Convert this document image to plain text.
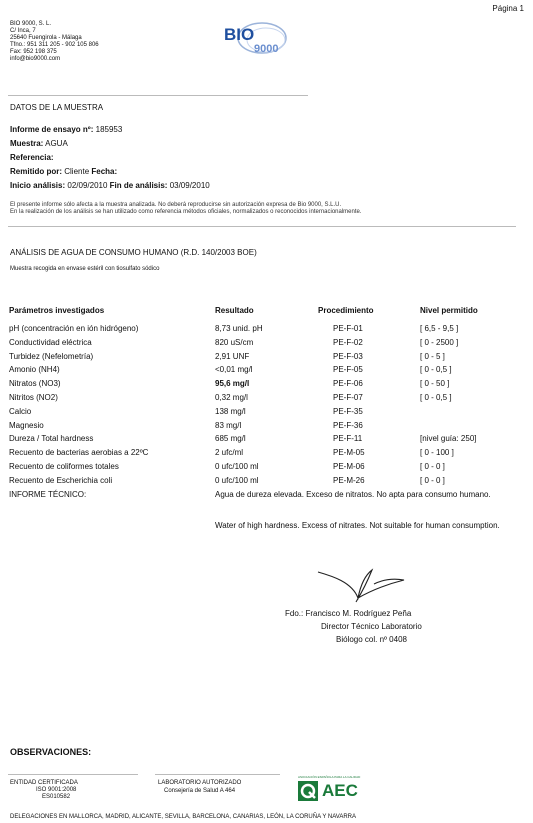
Página 1
BIO 9000, S. L.
C/ Inca, 7
25640 Fuengirola - Málaga
Tfno.: 951 311 205 - 902 105 806
Fax: 952 198 375
info@bio9000.com
BIO
9000
DATOS DE LA MUESTRA
Informe de ensayo nº: 185953
Muestra: AGUA
Referencia:
Remitido por: Cliente Fecha:
Inicio análisis: 02/09/2010 Fin de análisis: 03/09/2010
El presente informe sólo afecta a la muestra analizada. No deberá reproducirse sin autorización expresa de Bio 9000, S.L.U.
En la realización de los análisis se han utilizado como referencia métodos oficiales, normalizados o reconocidos internacionalmente.
ANÁLISIS DE AGUA DE CONSUMO HUMANO (R.D. 140/2003 BOE)
Muestra recogida en envase estéril con tiosulfato sódico
Parámetros investigados	Resultado	Procedimiento	Nivel permitido
pH (concentración en ión hidrógeno)	8,73 unid. pH	PE-F-01	[ 6,5 - 9,5 ]
Conductividad eléctrica	820 uS/cm	PE-F-02	[ 0 - 2500 ]
Turbidez (Nefelometría)	2,91 UNF	PE-F-03	[ 0 - 5 ]
Amonio (NH4)	<0,01 mg/l	PE-F-05	[ 0 - 0,5 ]
Nitratos (NO3)	95,6 mg/l	PE-F-06	[ 0 - 50 ]
Nitritos (NO2)	0,32 mg/l	PE-F-07	[ 0 - 0,5 ]
Calcio	138 mg/l	PE-F-35
Magnesio	83 mg/l	PE-F-36
Dureza / Total hardness	685 mg/l	PE-F-11	[nivel guía: 250]
Recuento de bacterias aerobias a 22ºC	2 ufc/ml	PE-M-05	[ 0 - 100 ]
Recuento de coliformes totales	0 ufc/100 ml	PE-M-06	[ 0 - 0 ]
Recuento de Escherichia coli	0 ufc/100 ml	PE-M-26	[ 0 - 0 ]
INFORME TÉCNICO:	Agua de dureza elevada. Exceso de nitratos. No apta para consumo humano.
Water of high hardness. Excess of nitrates. Not suitable for human consumption.
Fdo.: Francisco M. Rodríguez Peña
Director Técnico Laboratorio
Biólogo col. nº 0408
OBSERVACIONES:
ENTIDAD CERTIFICADA
ISO 9001:2008
ES010582
LABORATORIO AUTORIZADO
Consejería de Salud A 464
ASOCIACIÓN ESPAÑOLA PARA LA CALIDAD
AEC
DELEGACIONES EN MALLORCA, MADRID, ALICANTE, SEVILLA, BARCELONA, CANARIAS, LEÓN, LA CORUÑA Y NAVARRA
